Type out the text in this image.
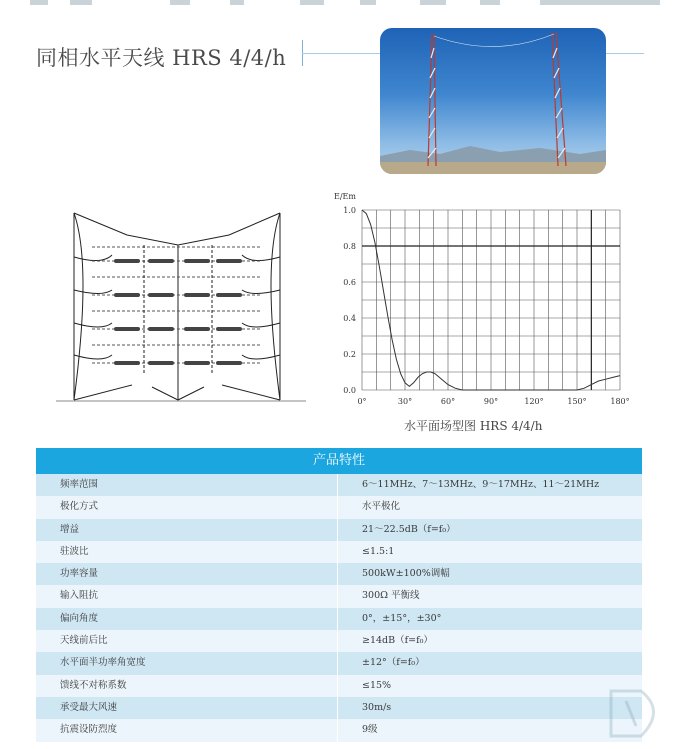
同相水平天线 HRS 4/4/h
E/Em
0.0
0.2
0.4
0.6
0.8
1.0
0°	30°	60°	90°	120°	150°	180°
水平面场型图 HRS 4/4/h
产品特性
频率范围	6～11MHz、7～13MHz、9～17MHz、11～21MHz
极化方式	水平极化
增益	21～22.5dB（f=f₀）
驻波比	≤1.5:1
功率容量	500kW±100%调幅
输入阻抗	300Ω 平衡线
偏向角度	0°，±15°，±30°
天线前后比	≥14dB（f=f₀）
水平面半功率角宽度	±12°（f=f₀）
馈线不对称系数	≤15%
承受最大风速	30m/s
抗震设防烈度	9级
